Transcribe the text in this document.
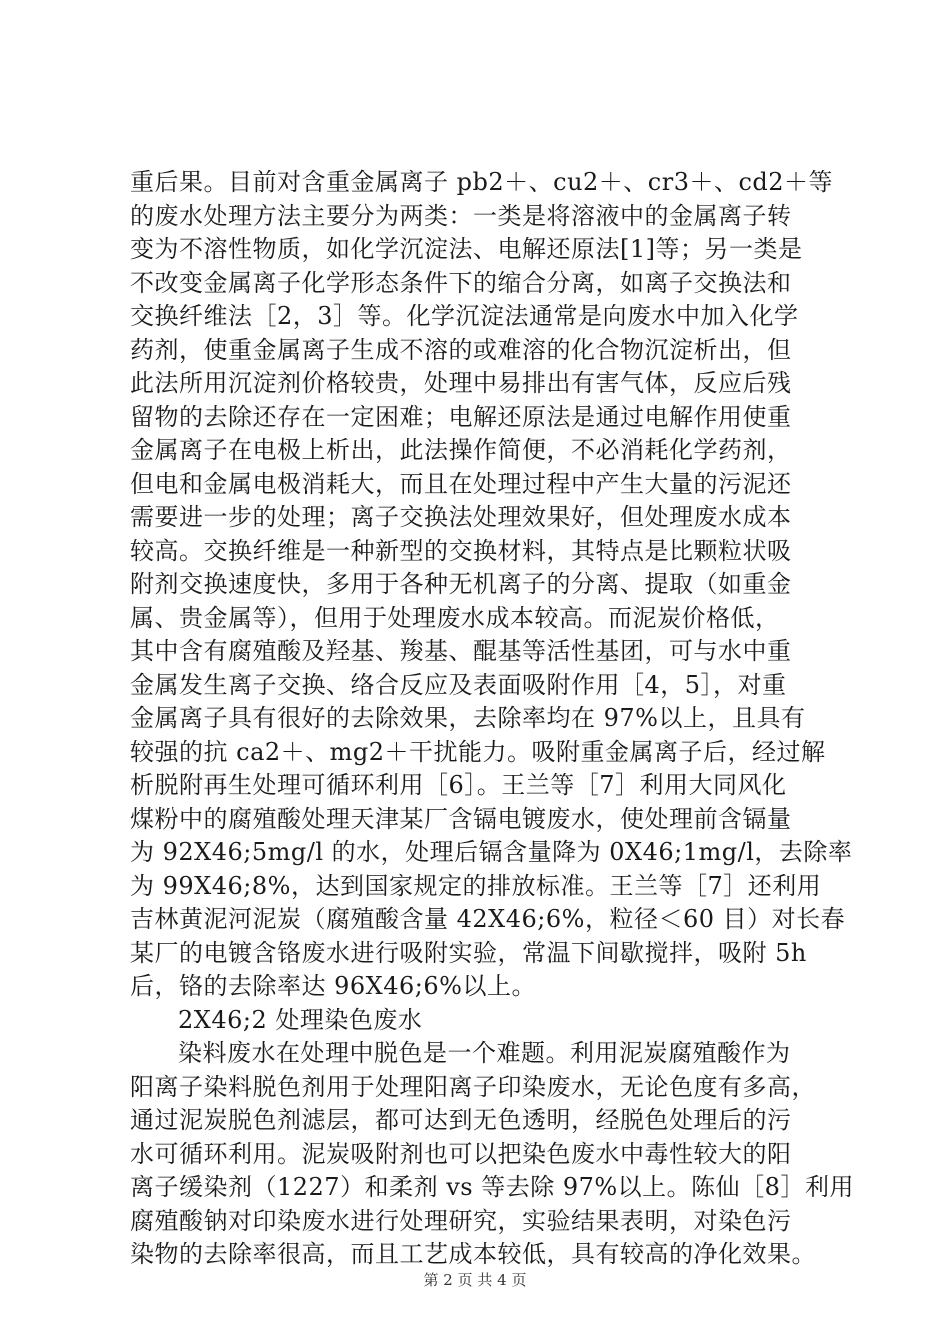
重后果。目前对含重金属离子 pb2＋、cu2＋、cr3＋、cd2＋等
的废水处理方法主要分为两类：一类是将溶液中的金属离子转
变为不溶性物质，如化学沉淀法、电解还原法[1]等；另一类是
不改变金属离子化学形态条件下的缩合分离，如离子交换法和
交换纤维法［2，3］等。化学沉淀法通常是向废水中加入化学
药剂，使重金属离子生成不溶的或难溶的化合物沉淀析出，但
此法所用沉淀剂价格较贵，处理中易排出有害气体，反应后残
留物的去除还存在一定困难；电解还原法是通过电解作用使重
金属离子在电极上析出，此法操作简便，不必消耗化学药剂，
但电和金属电极消耗大，而且在处理过程中产生大量的污泥还
需要进一步的处理；离子交换法处理效果好，但处理废水成本
较高。交换纤维是一种新型的交换材料，其特点是比颗粒状吸
附剂交换速度快，多用于各种无机离子的分离、提取（如重金
属、贵金属等），但用于处理废水成本较高。而泥炭价格低，
其中含有腐殖酸及羟基、羧基、醌基等活性基团，可与水中重
金属发生离子交换、络合反应及表面吸附作用［4，5］，对重
金属离子具有很好的去除效果，去除率均在 97%以上，且具有
较强的抗 ca2＋、mg2＋干扰能力。吸附重金属离子后，经过解
析脱附再生处理可循环利用［6］。王兰等［7］利用大同风化
煤粉中的腐殖酸处理天津某厂含镉电镀废水，使处理前含镉量
为 92X46;5mg/l 的水，处理后镉含量降为 0X46;1mg/l，去除率
为 99X46;8%，达到国家规定的排放标准。王兰等［7］还利用
吉林黄泥河泥炭（腐殖酸含量 42X46;6%，粒径＜60 目）对长春
某厂的电镀含铬废水进行吸附实验，常温下间歇搅拌，吸附 5h
后，铬的去除率达 96X46;6%以上。
2X46;2 处理染色废水
染料废水在处理中脱色是一个难题。利用泥炭腐殖酸作为
阳离子染料脱色剂用于处理阳离子印染废水，无论色度有多高，
通过泥炭脱色剂滤层，都可达到无色透明，经脱色处理后的污
水可循环利用。泥炭吸附剂也可以把染色废水中毒性较大的阳
离子缓染剂（1227）和柔剂 vs 等去除 97%以上。陈仙［8］利用
腐殖酸钠对印染废水进行处理研究，实验结果表明，对染色污
染物的去除率很高，而且工艺成本较低，具有较高的净化效果。
第 2 页 共 4 页
